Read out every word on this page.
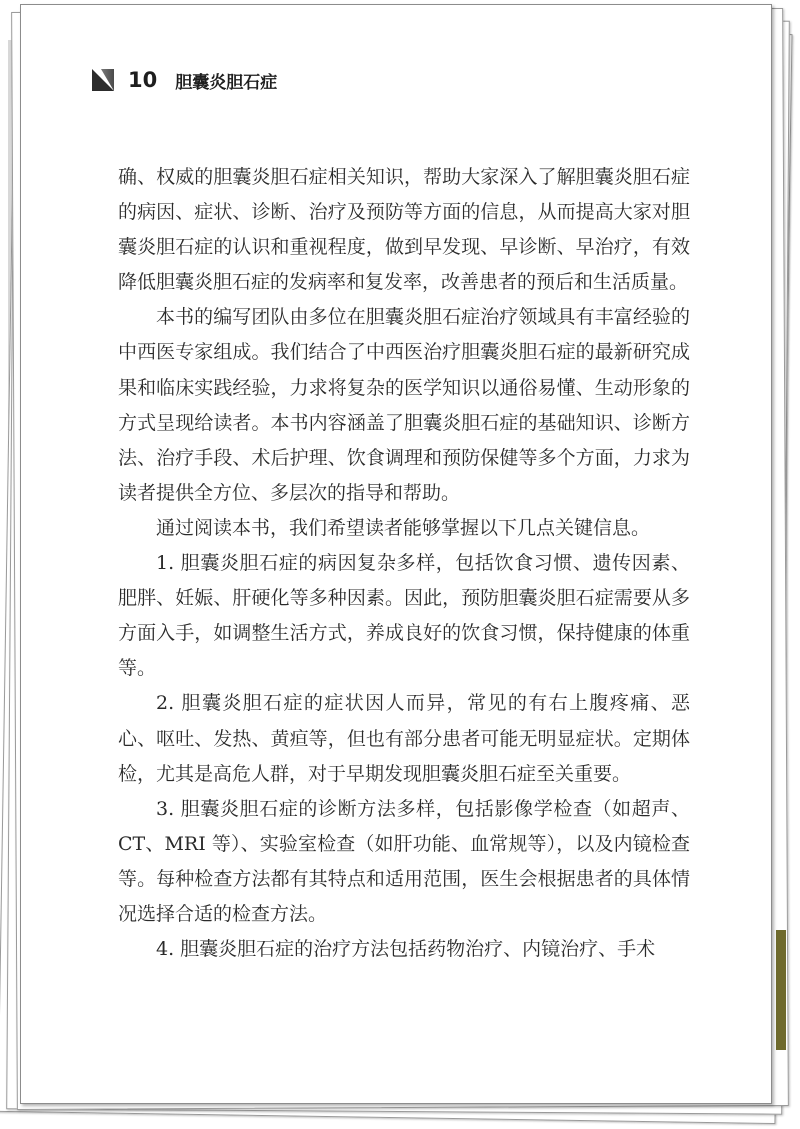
10 胆囊炎胆石症

确、权威的胆囊炎胆石症相关知识，帮助大家深入了解胆囊炎胆石症的病因、症状、诊断、治疗及预防等方面的信息，从而提高大家对胆囊炎胆石症的认识和重视程度，做到早发现、早诊断、早治疗，有效降低胆囊炎胆石症的发病率和复发率，改善患者的预后和生活质量。

本书的编写团队由多位在胆囊炎胆石症治疗领域具有丰富经验的中西医专家组成。我们结合了中西医治疗胆囊炎胆石症的最新研究成果和临床实践经验，力求将复杂的医学知识以通俗易懂、生动形象的方式呈现给读者。本书内容涵盖了胆囊炎胆石症的基础知识、诊断方法、治疗手段、术后护理、饮食调理和预防保健等多个方面，力求为读者提供全方位、多层次的指导和帮助。

通过阅读本书，我们希望读者能够掌握以下几点关键信息。

1. 胆囊炎胆石症的病因复杂多样，包括饮食习惯、遗传因素、肥胖、妊娠、肝硬化等多种因素。因此，预防胆囊炎胆石症需要从多方面入手，如调整生活方式，养成良好的饮食习惯，保持健康的体重等。

2. 胆囊炎胆石症的症状因人而异，常见的有右上腹疼痛、恶心、呕吐、发热、黄疸等，但也有部分患者可能无明显症状。定期体检，尤其是高危人群，对于早期发现胆囊炎胆石症至关重要。

3. 胆囊炎胆石症的诊断方法多样，包括影像学检查（如超声、CT、MRI 等）、实验室检查（如肝功能、血常规等），以及内镜检查等。每种检查方法都有其特点和适用范围，医生会根据患者的具体情况选择合适的检查方法。

4. 胆囊炎胆石症的治疗方法包括药物治疗、内镜治疗、手术
